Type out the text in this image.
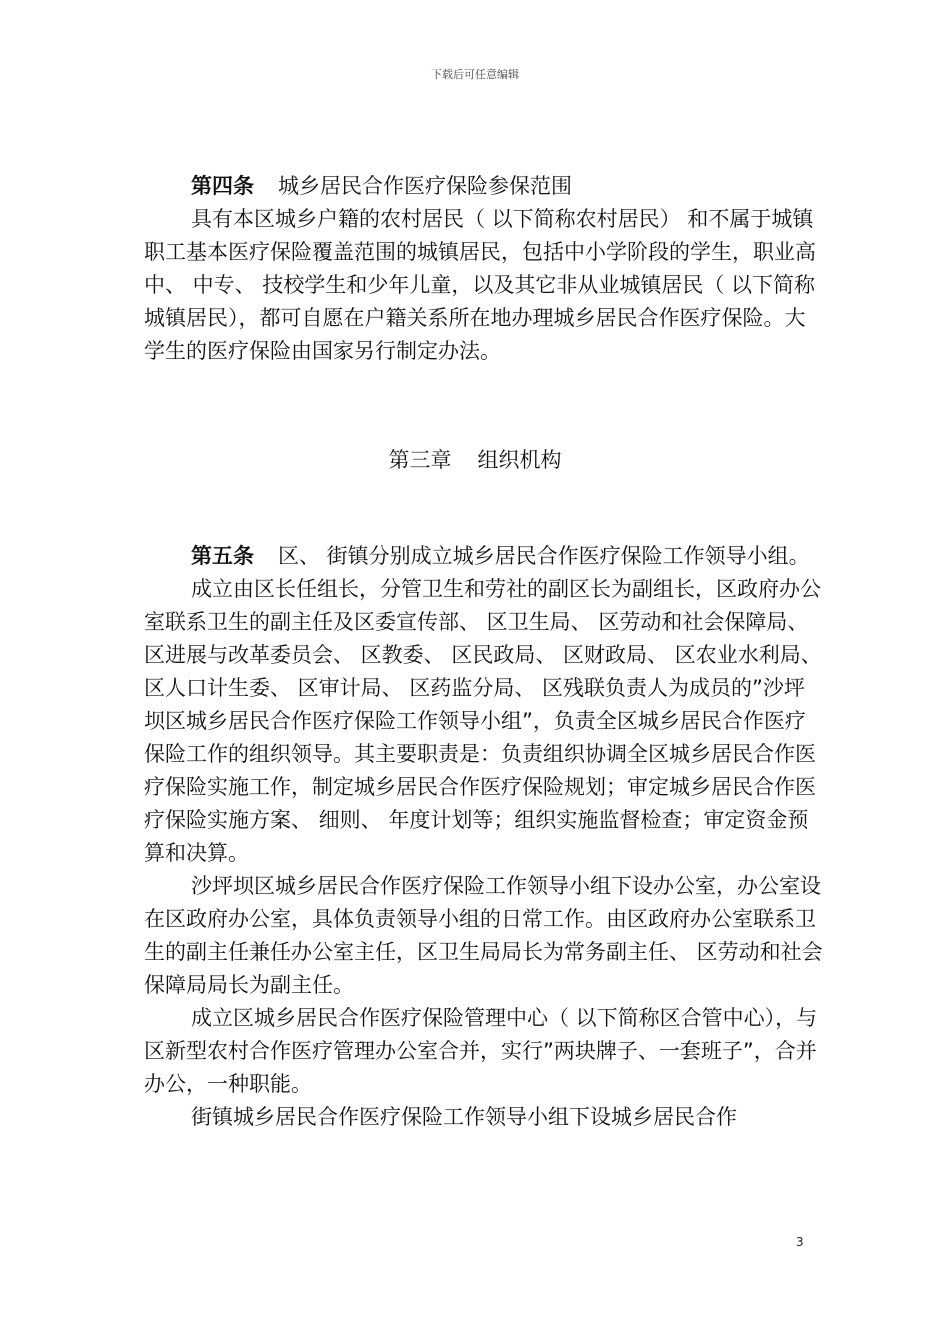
下载后可任意编辑

第四条 城乡居民合作医疗保险参保范围

具有本区城乡户籍的农村居民（ 以下简称农村居民） 和不属于城镇职工基本医疗保险覆盖范围的城镇居民，包括中小学阶段的学生，职业高中、 中专、 技校学生和少年儿童，以及其它非从业城镇居民（ 以下简称城镇居民），都可自愿在户籍关系所在地办理城乡居民合作医疗保险。大学生的医疗保险由国家另行制定办法。

第三章 组织机构

第五条 区、 街镇分别成立城乡居民合作医疗保险工作领导小组。

成立由区长任组长，分管卫生和劳社的副区长为副组长，区政府办公室联系卫生的副主任及区委宣传部、 区卫生局、 区劳动和社会保障局、 区进展与改革委员会、 区教委、 区民政局、 区财政局、 区农业水利局、 区人口计生委、 区审计局、 区药监分局、 区残联负责人为成员的”沙坪坝区城乡居民合作医疗保险工作领导小组”，负责全区城乡居民合作医疗保险工作的组织领导。其主要职责是：负责组织协调全区城乡居民合作医疗保险实施工作，制定城乡居民合作医疗保险规划；审定城乡居民合作医疗保险实施方案、 细则、 年度计划等；组织实施监督检查；审定资金预算和决算。

沙坪坝区城乡居民合作医疗保险工作领导小组下设办公室，办公室设在区政府办公室，具体负责领导小组的日常工作。由区政府办公室联系卫生的副主任兼任办公室主任，区卫生局局长为常务副主任、 区劳动和社会保障局局长为副主任。

成立区城乡居民合作医疗保险管理中心（ 以下简称区合管中心），与区新型农村合作医疗管理办公室合并，实行”两块牌子、一套班子”，合并办公，一种职能。

街镇城乡居民合作医疗保险工作领导小组下设城乡居民合作

3
